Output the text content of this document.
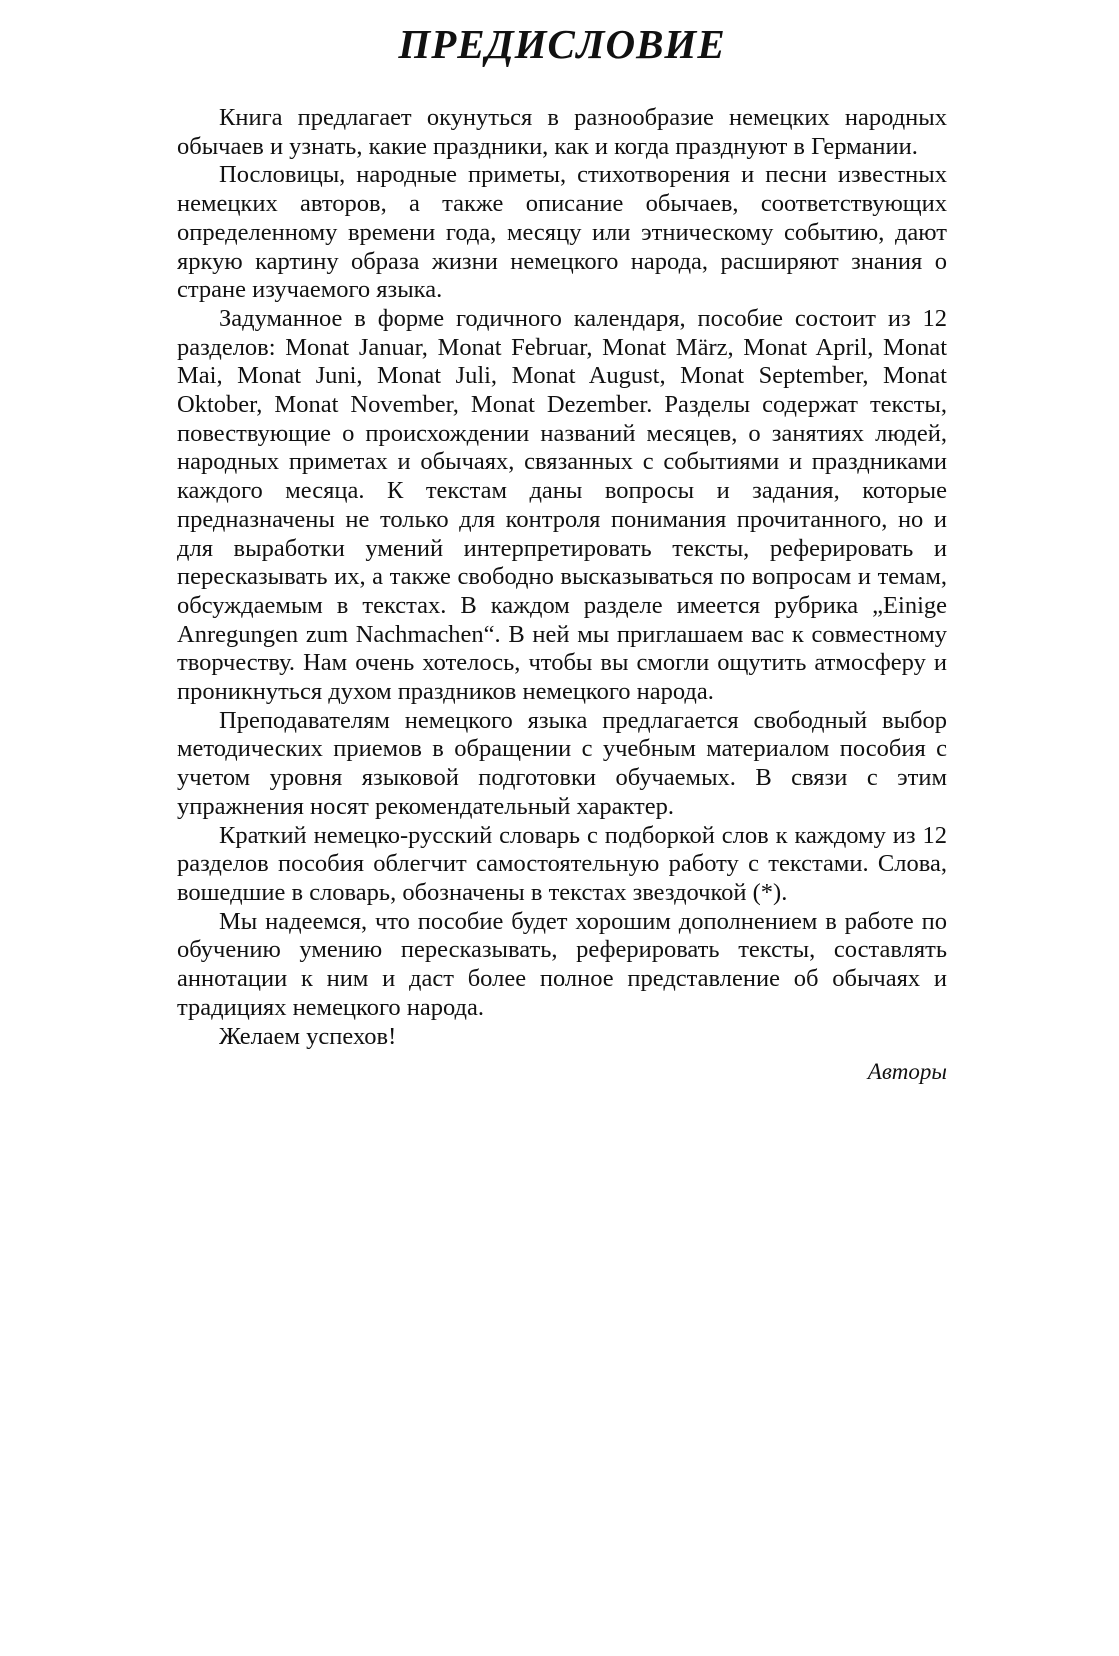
ПРЕДИСЛОВИЕ

Книга предлагает окунуться в разнообразие немецких народных обычаев и узнать, какие праздники, как и когда празднуют в Германии.

Пословицы, народные приметы, стихотворения и песни известных немецких авторов, а также описание обычаев, соответствующих определенному времени года, месяцу или этническому событию, дают яркую картину образа жизни немецкого народа, расширяют знания о стране изучаемого языка.

Задуманное в форме годичного календаря, пособие состоит из 12 разделов: Monat Januar, Monat Februar, Monat März, Monat April, Monat Mai, Monat Juni, Monat Juli, Monat August, Monat September, Monat Oktober, Monat November, Monat Dezember. Разделы содержат тексты, повествующие о происхождении названий месяцев, о занятиях людей, народных приметах и обычаях, связанных с событиями и праздниками каждого месяца. К текстам даны вопросы и задания, которые предназначены не только для контроля понимания прочитанного, но и для выработки умений интерпретировать тексты, реферировать и пересказывать их, а также свободно высказываться по вопросам и темам, обсуждаемым в текстах. В каждом разделе имеется рубрика „Einige Anregungen zum Nachmachen“. В ней мы приглашаем вас к совместному творчеству. Нам очень хотелось, чтобы вы смогли ощутить атмосферу и проникнуться духом праздников немецкого народа.

Преподавателям немецкого языка предлагается свободный выбор методических приемов в обращении с учебным материалом пособия с учетом уровня языковой подготовки обучаемых. В связи с этим упражнения носят рекомендательный характер.

Краткий немецко-русский словарь с подборкой слов к каждому из 12 разделов пособия облегчит самостоятельную работу с текстами. Слова, вошедшие в словарь, обозначены в текстах звездочкой (*).

Мы надеемся, что пособие будет хорошим дополнением в работе по обучению умению пересказывать, реферировать тексты, составлять аннотации к ним и даст более полное представление об обычаях и традициях немецкого народа.

Желаем успехов!

Авторы
